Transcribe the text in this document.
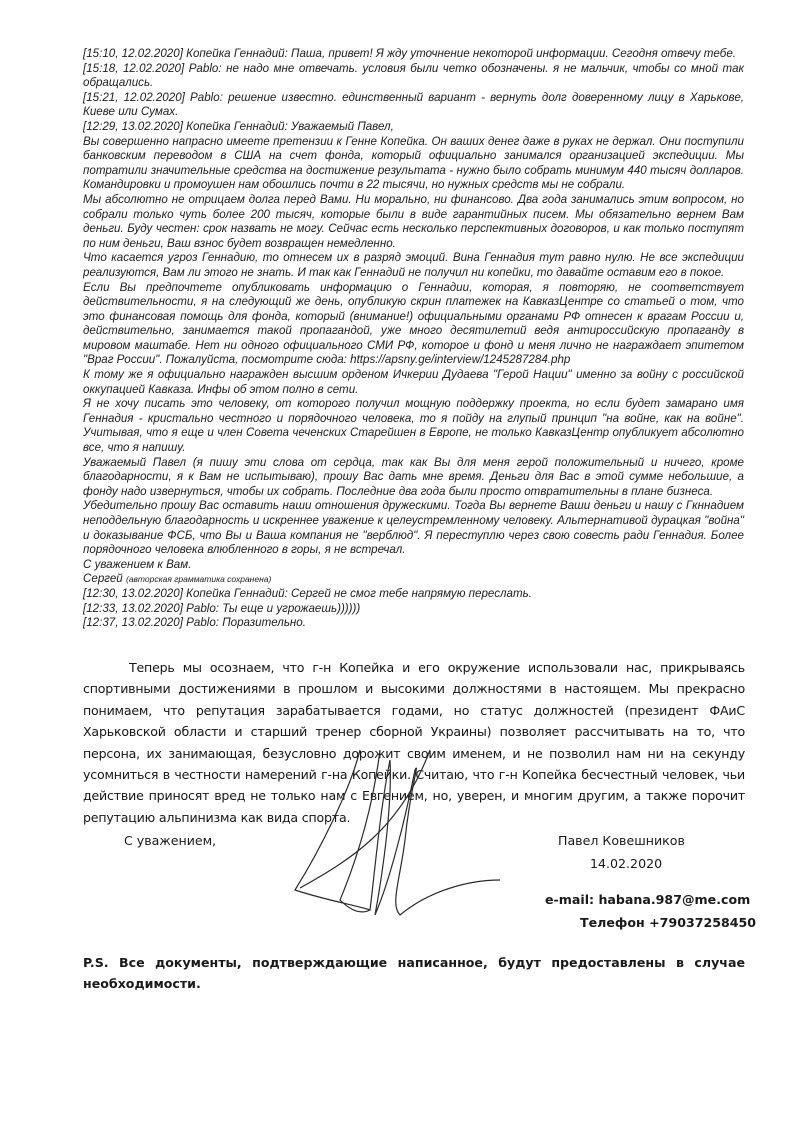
[15:10, 12.02.2020] Копейка Геннадий: Паша, привет! Я жду уточнение некоторой информации. Сегодня отвечу тебе.

[15:18, 12.02.2020] Pablo: не надо мне отвечать. условия были четко обозначены. я не мальчик, чтобы со мной так обращались.

[15:21, 12.02.2020] Pablo: решение известно. единственный вариант - вернуть долг доверенному лицу в Харькове, Киеве или Сумах.

[12:29, 13.02.2020] Копейка Геннадий: Уважаемый Павел,

Вы совершенно напрасно имеете претензии к Генне Копейка. Он ваших денег даже в руках не держал. Они поступили банковским переводом в США на счет фонда, который официально занимался организацией экспедиции. Мы потратили значительные средства на достижение результата - нужно было собрать минимум 440 тысяч долларов. Командировки и промоушен нам обошлись почти в 22 тысячи, но нужных средств мы не собрали.

Мы абсолютно не отрицаем долга перед Вами. Ни морально, ни финансово. Два года занимались этим вопросом, но собрали только чуть более 200 тысяч, которые были в виде гарантийных писем. Мы обязательно вернем Вам деньги. Буду честен: срок назвать не могу. Сейчас есть несколько перспективных договоров, и как только поступят по ним деньги, Ваш взнос будет возвращен немедленно.

Что касается угроз Геннадию, то отнесем их в разряд эмоций. Вина Геннадия тут равно нулю. Не все экспедиции реализуются, Вам ли этого не знать. И так как Геннадий не получил ни копейки, то давайте оставим его в покое.

Если Вы предпочтете опубликовать информацию о Геннадии, которая, я повторяю, не соответствует действительности, я на следующий же день, опубликую скрин платежек на КавказЦентре со статьей о том, что это финансовая помощь для фонда, который (внимание!) официальными органами РФ отнесен к врагам России и, действительно, занимается такой пропагандой, уже много десятилетий ведя антироссийскую пропаганду в мировом маштабе. Нет ни одного официального СМИ РФ, которое и фонд и меня лично не награждает эпитетом "Враг России". Пожалуйста, посмотрите сюда: https://apsny.ge/interview/1245287284.php

К тому же я официально награжден высшим орденом Ичкерии Дудаева "Герой Нации" именно за войну с российской оккупацией Кавказа. Инфы об этом полно в сети.

Я не хочу писать это человеку, от которого получил мощную поддержку проекта, но если будет замарано имя Геннадия - кристально честного и порядочного человека, то я пойду на глупый принцип "на войне, как на войне". Учитывая, что я еще и член Совета чеченских Старейшен в Европе, не только КавказЦентр опубликует абсолютно все, что я напишу.

Уважаемый Павел (я пишу эти слова от сердца, так как Вы для меня герой положительный и ничего, кроме благодарности, я к Вам не испытываю), прошу Вас дать мне время. Деньги для Вас в этой сумме небольшие, а фонду надо извернуться, чтобы их собрать. Последние два года были просто отвратительны в плане бизнеса.

Убедительно прошу Вас оставить наши отношения дружескими. Тогда Вы вернете Ваши деньги и нашу с Гкннадием неподдельную благодарность и искреннее уважение к целеустремленному человеку. Альтернативой дурацкая "война" и доказывание ФСБ, что Вы и Ваша компания не "верблюд". Я переступлю через свою совесть ради Геннадия. Более порядочного человека влюбленного в горы, я не встречал.

С уважением к Вам.

Сергей (авторская грамматика сохранена)

[12:30, 13.02.2020] Копейка Геннадий: Сергей не смог тебе напрямую переслать.

[12:33, 13.02.2020] Pablo: Ты еще и угрожаешь))))))

[12:37, 13.02.2020] Pablo: Поразительно.

Теперь мы осознаем, что г-н Копейка и его окружение использовали нас, прикрываясь спортивными достижениями в прошлом и высокими должностями в настоящем. Мы прекрасно понимаем, что репутация зарабатывается годами, но статус должностей (президент ФАиС Харьковской области и старший тренер сборной Украины) позволяет рассчитывать на то, что персона, их занимающая, безусловно дорожит своим именем, и не позволил нам ни на секунду усомниться в честности намерений г-на Копейки. Считаю, что г-н Копейка бесчестный человек, чьи действие приносят вред не только нам с Евгением, но, уверен, и многим другим, а также порочит репутацию альпинизма как вида спорта.

С уважением,	Павел Ковешников
14.02.2020
e-mail: habana.987@me.com
Телефон +79037258450
P.S. Все документы, подтверждающие написанное, будут предоставлены в случае необходимости.
